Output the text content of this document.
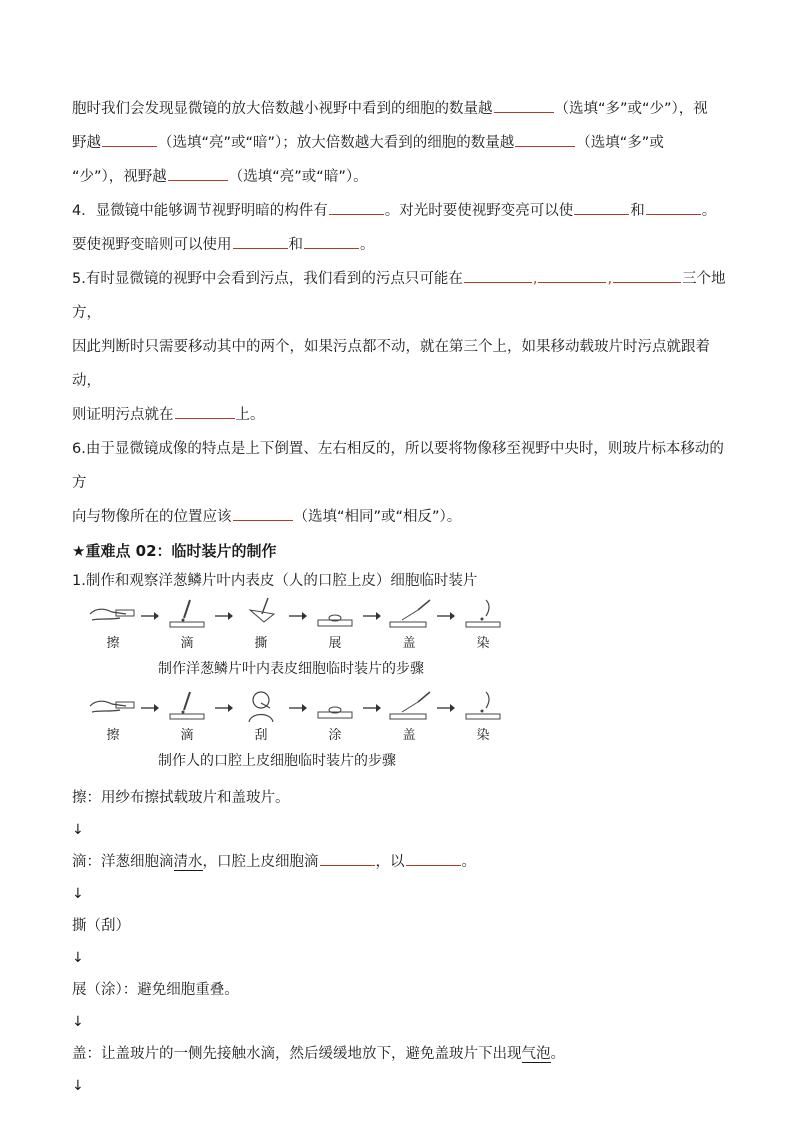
胞时我们会发现显微镜的放大倍数越小视野中看到的细胞的数量越	（选填“多”或“少”），视

野越	（选填“亮”或“暗”）；放大倍数越大看到的细胞的数量越	（选填“多”或

“少”），视野越	（选填“亮”或“暗”）。

4．显微镜中能够调节视野明暗的构件有	。对光时要使视野变亮可以使	和	。

要使视野变暗则可以使用	和	。

5.有时显微镜的视野中会看到污点，我们看到的污点只可能在	,	,	三个地方，

因此判断时只需要移动其中的两个，如果污点都不动，就在第三个上，如果移动载玻片时污点就跟着动，

则证明污点就在	上。

6.由于显微镜成像的特点是上下倒置、左右相反的，所以要将物像移至视野中央时，则玻片标本移动的方

向与物像所在的位置应该	（选填“相同”或“相反”）。

★重难点 02：临时装片的制作
1.制作和观察洋葱鳞片叶内表皮（人的口腔上皮）细胞临时装片
擦	滴	撕	展	盖	染
制作洋葱鳞片叶内表皮细胞临时装片的步骤
擦	滴	刮	涂	盖	染
制作人的口腔上皮细胞临时装片的步骤
擦：用纱布擦拭载玻片和盖玻片。
↓
滴：洋葱细胞滴清水，口腔上皮细胞滴	，以	。
↓
撕（刮）
↓
展（涂）：避免细胞重叠。
↓
盖：让盖玻片的一侧先接触水滴，然后缓缓地放下，避免盖玻片下出现气泡。
↓
